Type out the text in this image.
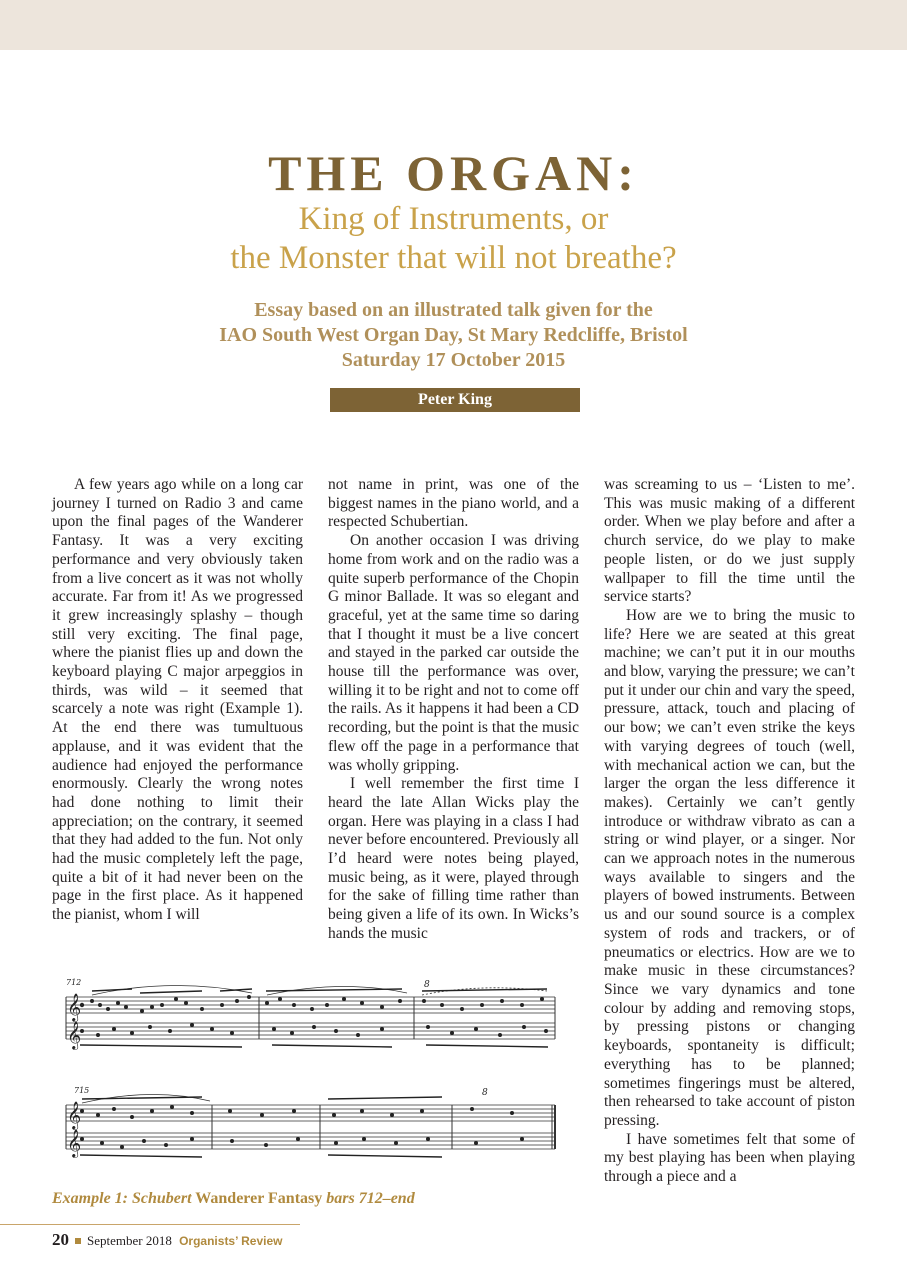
THE ORGAN:
King of Instruments, or
the Monster that will not breathe?
Essay based on an illustrated talk given for the
IAO South West Organ Day, St Mary Redcliffe, Bristol
Saturday 17 October 2015
Peter King

A few years ago while on a long car journey I turned on Radio 3 and came upon the final pages of the Wanderer Fantasy. It was a very exciting performance and very obviously taken from a live concert as it was not wholly accurate. Far from it! As we progressed it grew increasingly splashy – though still very exciting. The final page, where the pianist flies up and down the keyboard playing C major arpeggios in thirds, was wild – it seemed that scarcely a note was right (Example 1). At the end there was tumultuous applause, and it was evident that the audience had enjoyed the performance enormously. Clearly the wrong notes had done nothing to limit their appreciation; on the contrary, it seemed that they had added to the fun. Not only had the music completely left the page, quite a bit of it had never been on the page in the first place. As it happened the pianist, whom I will

not name in print, was one of the biggest names in the piano world, and a respected Schubertian.

On another occasion I was driving home from work and on the radio was a quite superb performance of the Chopin G minor Ballade. It was so elegant and graceful, yet at the same time so daring that I thought it must be a live concert and stayed in the parked car outside the house till the performance was over, willing it to be right and not to come off the rails. As it happens it had been a CD recording, but the point is that the music flew off the page in a performance that was wholly gripping.

I well remember the first time I heard the late Allan Wicks play the organ. Here was playing in a class I had never before encountered. Previously all I’d heard were notes being played, music being, as it were, played through for the sake of filling time rather than being given a life of its own. In Wicks’s hands the music

was screaming to us – ‘Listen to me’. This was music making of a different order. When we play before and after a church service, do we play to make people listen, or do we just supply wallpaper to fill the time until the service starts?

How are we to bring the music to life? Here we are seated at this great machine; we can’t put it in our mouths and blow, varying the pressure; we can’t put it under our chin and vary the speed, pressure, attack, touch and placing of our bow; we can’t even strike the keys with varying degrees of touch (well, with mechanical action we can, but the larger the organ the less difference it makes). Certainly we can’t gently introduce or withdraw vibrato as can a string or wind player, or a singer. Nor can we approach notes in the numerous ways available to singers and the players of bowed instruments. Between us and our sound source is a complex system of rods and trackers, or of pneumatics or electrics. How are we to make music in these circumstances? Since we vary dynamics and tone colour by adding and removing stops, by pressing pistons or changing keyboards, spontaneity is difficult; everything has to be planned; sometimes fingerings must be altered, then rehearsed to take account of piston pressing.

I have sometimes felt that some of my best playing has been when playing through a piece and a

𝄞
𝄞
𝄞
𝄞
712
715
8
8
Example 1: Schubert Wanderer Fantasy bars 712–end
20 September 2018 Organists’ Review
